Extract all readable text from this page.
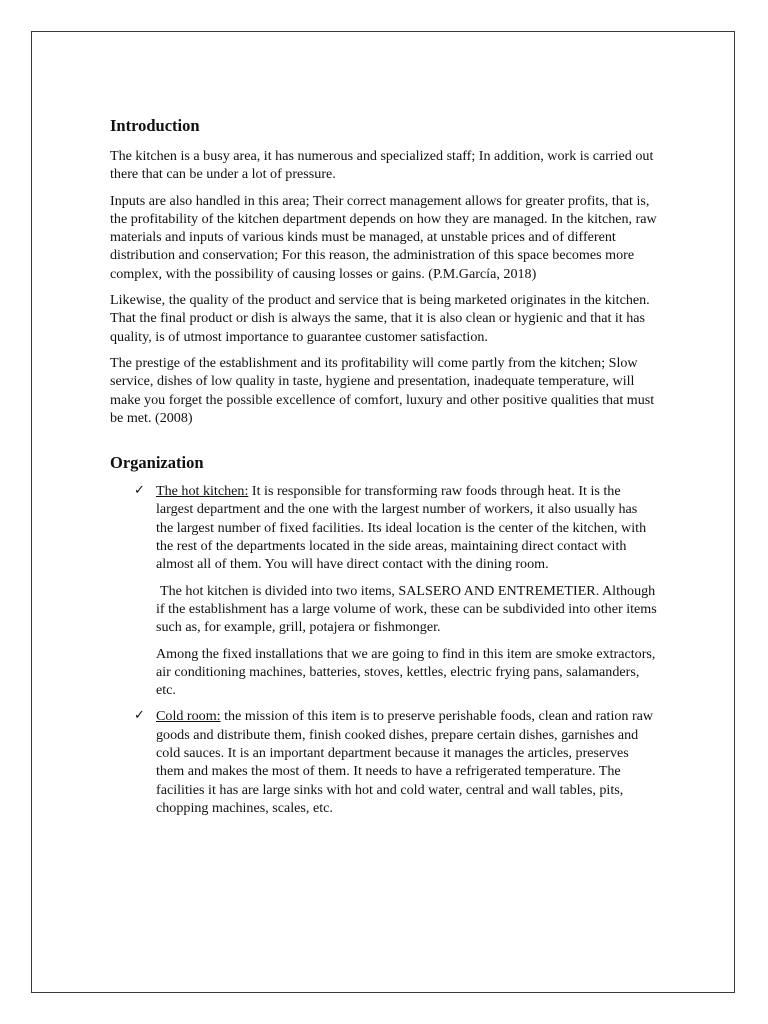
Introduction

The kitchen is a busy area, it has numerous and specialized staff; In addition, work is carried out there that can be under a lot of pressure.

Inputs are also handled in this area; Their correct management allows for greater profits, that is, the profitability of the kitchen department depends on how they are managed. In the kitchen, raw materials and inputs of various kinds must be managed, at unstable prices and of different distribution and conservation; For this reason, the administration of this space becomes more complex, with the possibility of causing losses or gains. (P.M.García, 2018)

Likewise, the quality of the product and service that is being marketed originates in the kitchen. That the final product or dish is always the same, that it is also clean or hygienic and that it has quality, is of utmost importance to guarantee customer satisfaction.

The prestige of the establishment and its profitability will come partly from the kitchen; Slow service, dishes of low quality in taste, hygiene and presentation, inadequate temperature, will make you forget the possible excellence of comfort, luxury and other positive qualities that must be met. (2008)

Organization
✓ The hot kitchen: It is responsible for transforming raw foods through heat. It is the largest department and the one with the largest number of workers, it also usually has the largest number of fixed facilities. Its ideal location is the center of the kitchen, with the rest of the departments located in the side areas, maintaining direct contact with almost all of them. You will have direct contact with the dining room.

The hot kitchen is divided into two items, SALSERO AND ENTREMETIER. Although if the establishment has a large volume of work, these can be subdivided into other items such as, for example, grill, potajera or fishmonger.

Among the fixed installations that we are going to find in this item are smoke extractors, air conditioning machines, batteries, stoves, kettles, electric frying pans, salamanders, etc.

✓ Cold room: the mission of this item is to preserve perishable foods, clean and ration raw goods and distribute them, finish cooked dishes, prepare certain dishes, garnishes and cold sauces. It is an important department because it manages the articles, preserves them and makes the most of them. It needs to have a refrigerated temperature. The facilities it has are large sinks with hot and cold water, central and wall tables, pits, chopping machines, scales, etc.
